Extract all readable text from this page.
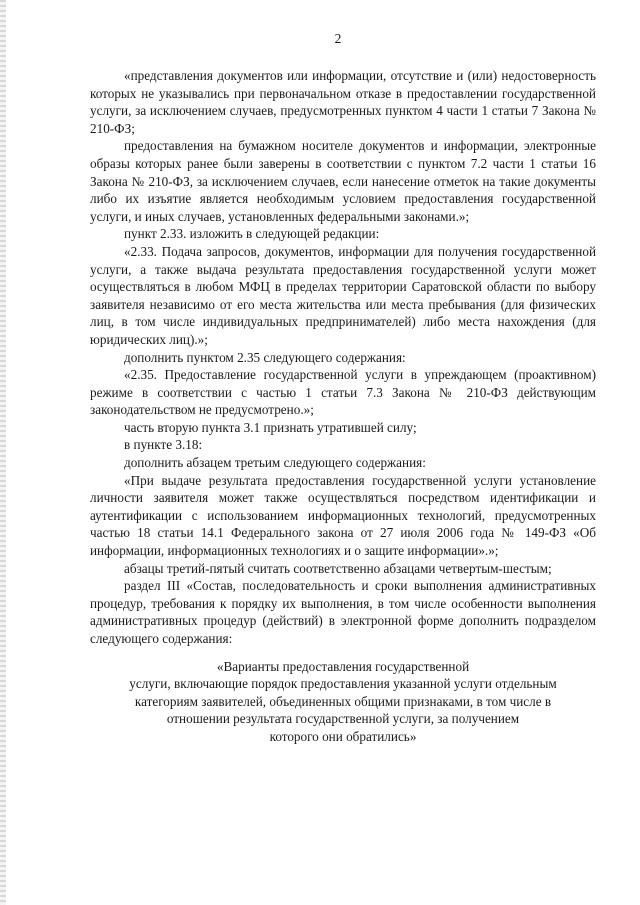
2

«представления документов или информации, отсутствие и (или) недостоверность которых не указывались при первоначальном отказе в предоставлении государственной услуги, за исключением случаев, предусмотренных пунктом 4 части 1 статьи 7 Закона № 210-ФЗ;

предоставления на бумажном носителе документов и информации, электронные образы которых ранее были заверены в соответствии с пунктом 7.2 части 1 статьи 16 Закона № 210-ФЗ, за исключением случаев, если нанесение отметок на такие документы либо их изъятие является необходимым условием предоставления государственной услуги, и иных случаев, установленных федеральными законами.»;

пункт 2.33. изложить в следующей редакции:

«2.33. Подача запросов, документов, информации для получения государственной услуги, а также выдача результата предоставления государственной услуги может осуществляться в любом МФЦ в пределах территории Саратовской области по выбору заявителя независимо от его места жительства или места пребывания (для физических лиц, в том числе индивидуальных предпринимателей) либо места нахождения (для юридических лиц).»;

дополнить пунктом 2.35 следующего содержания:

«2.35. Предоставление государственной услуги в упреждающем (проактивном) режиме в соответствии с частью 1 статьи 7.3 Закона № 210-ФЗ действующим законодательством не предусмотрено.»;

часть вторую пункта 3.1 признать утратившей силу;

в пункте 3.18:

дополнить абзацем третьим следующего содержания:

«При выдаче результата предоставления государственной услуги установление личности заявителя может также осуществляться посредством идентификации и аутентификации с использованием информационных технологий, предусмотренных частью 18 статьи 14.1 Федерального закона от 27 июля 2006 года № 149-ФЗ «Об информации, информационных технологиях и о защите информации».»;

абзацы третий-пятый считать соответственно абзацами четвертым-шестым;

раздел III «Состав, последовательность и сроки выполнения административных процедур, требования к порядку их выполнения, в том числе особенности выполнения административных процедур (действий) в электронной форме дополнить подразделом следующего содержания:

«Варианты предоставления государственной
услуги, включающие порядок предоставления указанной услуги отдельным
категориям заявителей, объединенных общими признаками, в том числе в
отношении результата государственной услуги, за получением
которого они обратились»
